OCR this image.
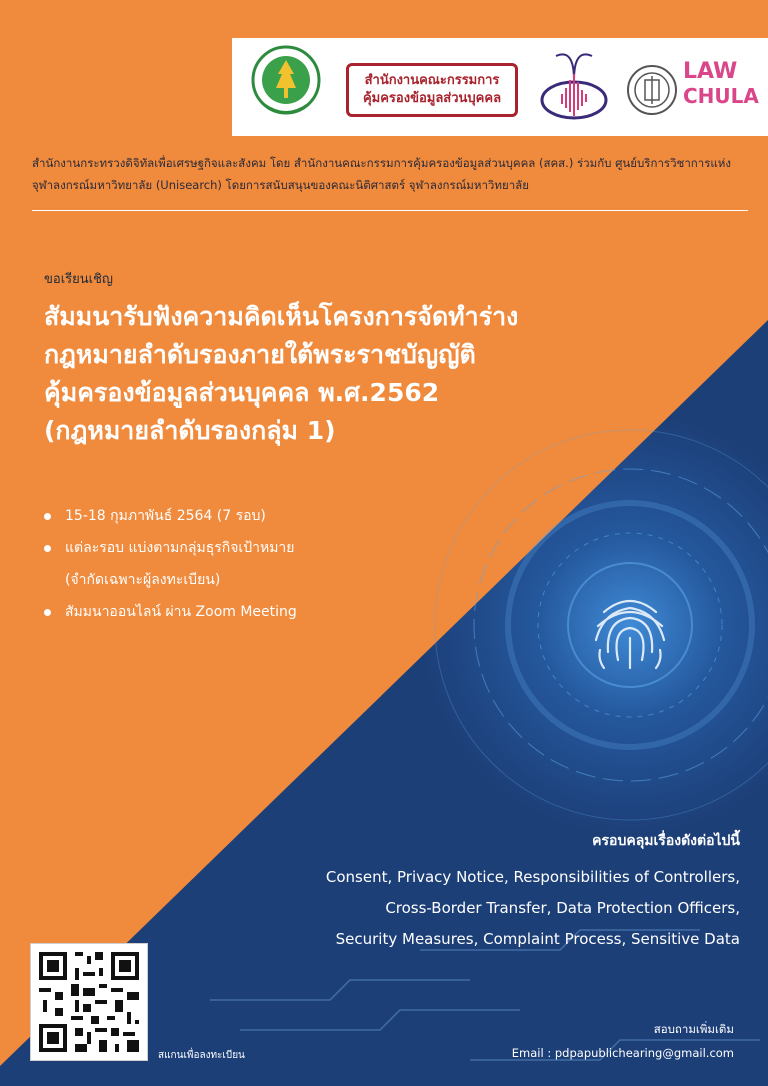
สำนักงานคณะกรรมการ
คุ้มครองข้อมูลส่วนบุคคล
LAW
CHULA
สำนักงานกระทรวงดิจิทัลเพื่อเศรษฐกิจและสังคม โดย สำนักงานคณะกรรมการคุ้มครองข้อมูลส่วนบุคคล (สคส.) ร่วมกับ ศูนย์บริการวิชาการแห่งจุฬาลงกรณ์มหาวิทยาลัย (Unisearch) โดยการสนับสนุนของคณะนิติศาสตร์ จุฬาลงกรณ์มหาวิทยาลัย
ขอเรียนเชิญ
สัมมนารับฟังความคิดเห็นโครงการจัดทำร่าง
กฎหมายลำดับรองภายใต้พระราชบัญญัติ
คุ้มครองข้อมูลส่วนบุคคล พ.ศ.2562
(กฎหมายลำดับรองกลุ่ม 1)
15-18 กุมภาพันธ์ 2564 (7 รอบ)
แต่ละรอบ แบ่งตามกลุ่มธุรกิจเป้าหมาย
(จำกัดเฉพาะผู้ลงทะเบียน)
สัมมนาออนไลน์ ผ่าน Zoom Meeting
ครอบคลุมเรื่องดังต่อไปนี้
Consent, Privacy Notice, Responsibilities of Controllers,
Cross-Border Transfer, Data Protection Officers,
Security Measures, Complaint Process, Sensitive Data
สแกนเพื่อลงทะเบียน
สอบถามเพิ่มเติม
Email : pdpapublichearing@gmail.com
